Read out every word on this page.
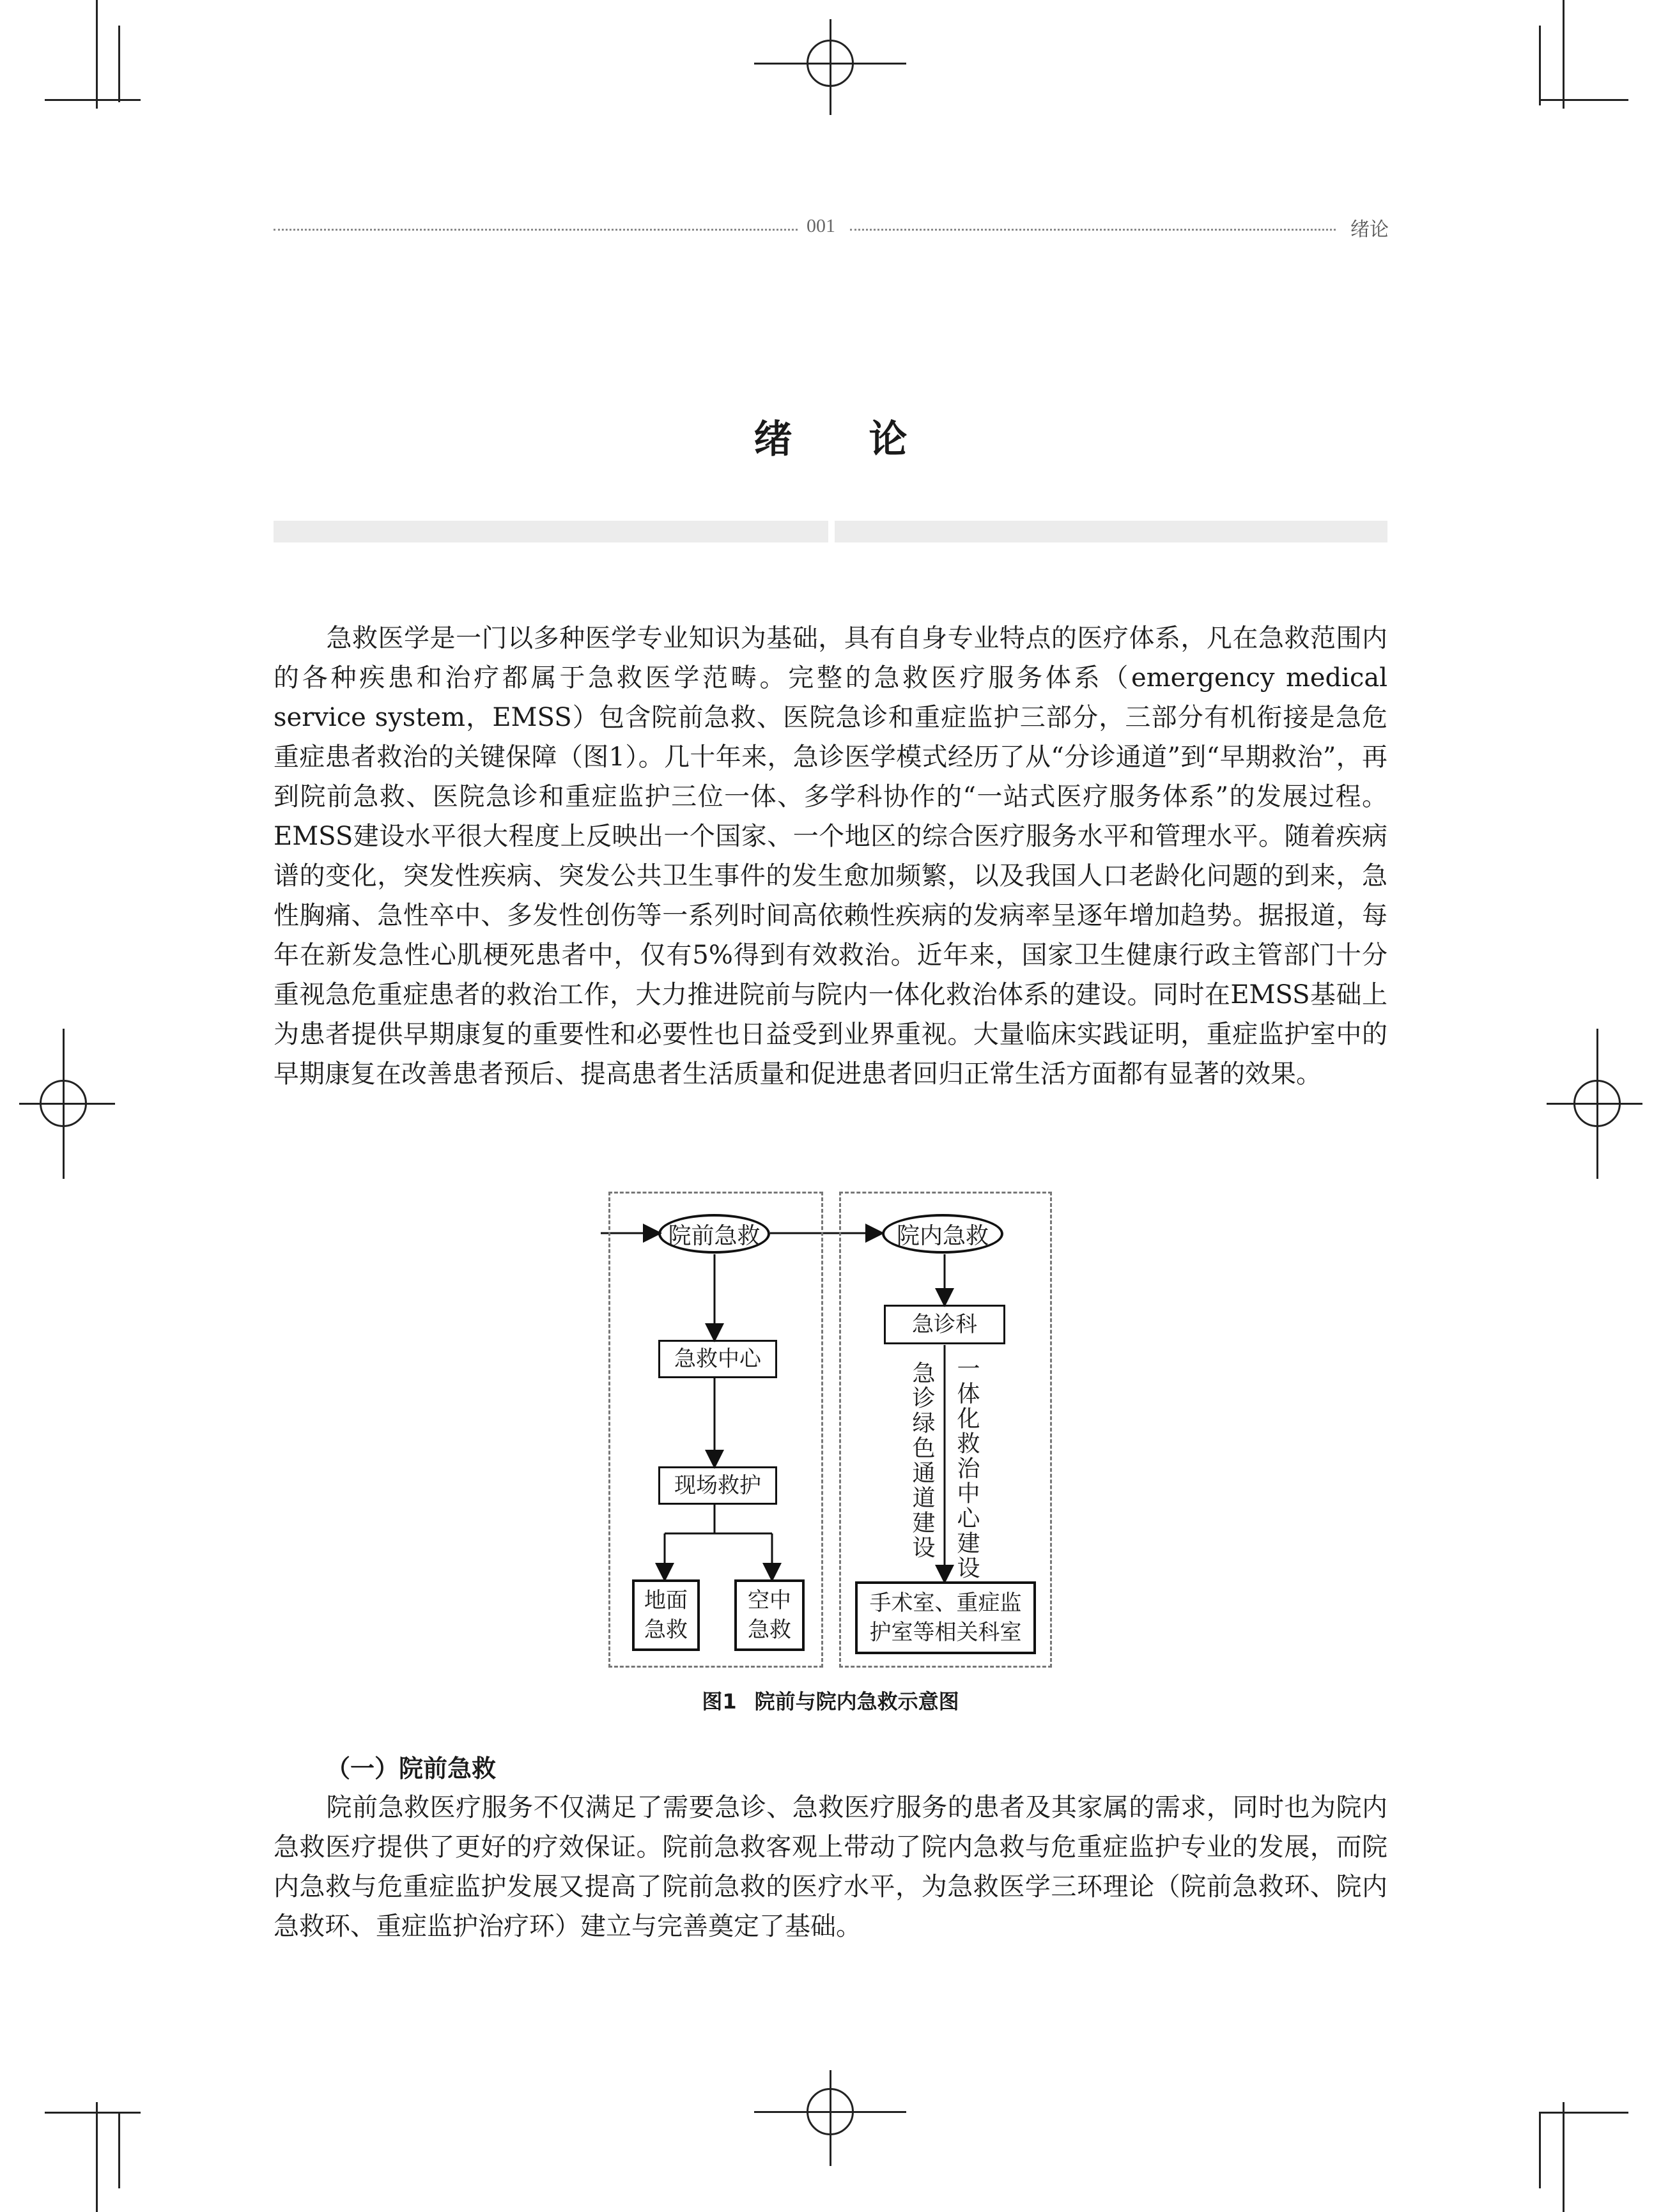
001	绪论
绪论

急救医学是一门以多种医学专业知识为基础，具有自身专业特点的医疗体系，凡在急救范围内的各种疾患和治疗都属于急救医学范畴。完整的急救医疗服务体系（emergency medical service system，EMSS）包含院前急救、医院急诊和重症监护三部分，三部分有机衔接是急危重症患者救治的关键保障（图1）。几十年来，急诊医学模式经历了从“分诊通道”到“早期救治”，再到院前急救、医院急诊和重症监护三位一体、多学科协作的“一站式医疗服务体系”的发展过程。EMSS建设水平很大程度上反映出一个国家、一个地区的综合医疗服务水平和管理水平。随着疾病谱的变化，突发性疾病、突发公共卫生事件的发生愈加频繁，以及我国人口老龄化问题的到来，急性胸痛、急性卒中、多发性创伤等一系列时间高依赖性疾病的发病率呈逐年增加趋势。据报道，每年在新发急性心肌梗死患者中，仅有5%得到有效救治。近年来，国家卫生健康行政主管部门十分重视急危重症患者的救治工作，大力推进院前与院内一体化救治体系的建设。同时在EMSS基础上为患者提供早期康复的重要性和必要性也日益受到业界重视。大量临床实践证明，重症监护室中的早期康复在改善患者预后、提高患者生活质量和促进患者回归正常生活方面都有显著的效果。

院前急救	院内急救
急救中心
现场救护
地面急救
空中急救
急诊科
急诊绿色通道建设 一体化救治中心建设
手术室、重症监护室等相关科室
图1 院前与院内急救示意图
（一）院前急救

院前急救医疗服务不仅满足了需要急诊、急救医疗服务的患者及其家属的需求，同时也为院内急救医疗提供了更好的疗效保证。院前急救客观上带动了院内急救与危重症监护专业的发展，而院内急救与危重症监护发展又提高了院前急救的医疗水平，为急救医学三环理论（院前急救环、院内急救环、重症监护治疗环）建立与完善奠定了基础。
